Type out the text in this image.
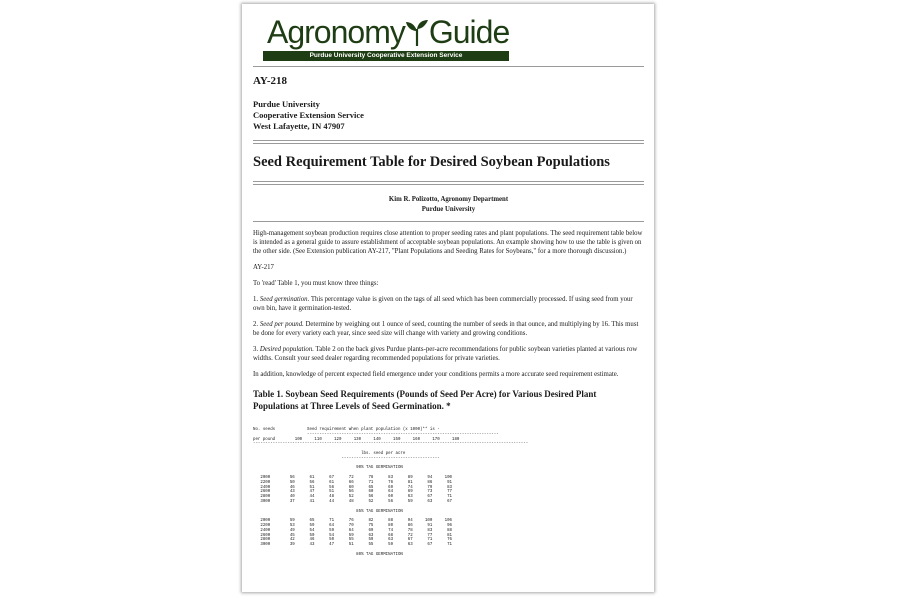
Agronomy Guide
Purdue University Cooperative Extension Service
AY-218
Purdue University
Cooperative Extension Service
West Lafayette, IN 47907
Seed Requirement Table for Desired Soybean Populations
Kim R. Polizotto, Agronomy Department
Purdue University

High-management soybean production requires close attention to proper seeding rates and plant populations. The seed requirement table below is intended as a general guide to assure establishment of acceptable soybean populations. An example showing how to use the table is given on the other side. (See Extension publication AY-217, "Plant Populations and Seeding Rates for Soybeans," for a more thorough discussion.)

AY-217

To 'read' Table 1, you must know three things:

1. Seed germination. This percentage value is given on the tags of all seed which has been commercially processed. If using seed from your own bin, have it germination-tested.

2. Seed per pound. Determine by weighing out 1 ounce of seed, counting the number of seeds in that ounce, and multiplying by 16. This must be done for every variety each year, since seed size will change with variety and growing conditions.

3. Desired population. Table 2 on the back gives Purdue plants-per-acre recommendations for public soybean varieties planted at various row widths. Consult your seed dealer regarding recommended populations for private varieties.

In addition, knowledge of percent expected field emergence under your conditions permits a more accurate seed requirement estimate.

Table 1. Soybean Seed Requirements (Pounds of Seed Per Acre) for Various Desired Plant Populations at Three Levels of Seed Germination. *
No. seeds             Seed requirement when plant population (x 1000)** is -
------------------------------------------------------------------------------
per pound        100     110     120     130     140     150     160     170     180
----------------------------------------------------------------------------------------------------------------

lbs. seed per acre
----------------------------------------

90% TAG GERMINATION

2000        56      61      67      72      78      83      89      94     100
2200        50      56      61      66      71      76      81      86      91
2400        46      51      56      60      65      69      74      79      83
2600        43      47      51      56      60      64      69      73      77
2800        40      44      48      52      56      60      63      67      71
3000        37      41      44      48      52      56      59      63      67

85% TAG GERMINATION

2000        59      65      71      76      82      88      94     100     106
2200        53      59      64      70      75      80      86      91      96
2400        49      54      59      64      69      74      78      83      88
2600        45      50      54      59      63      68      72      77      81
2800        42      46      50      55      59      63      67      71      76
3000        39      43      47      51      55      59      63      67      71

80% TAG GERMINATION
